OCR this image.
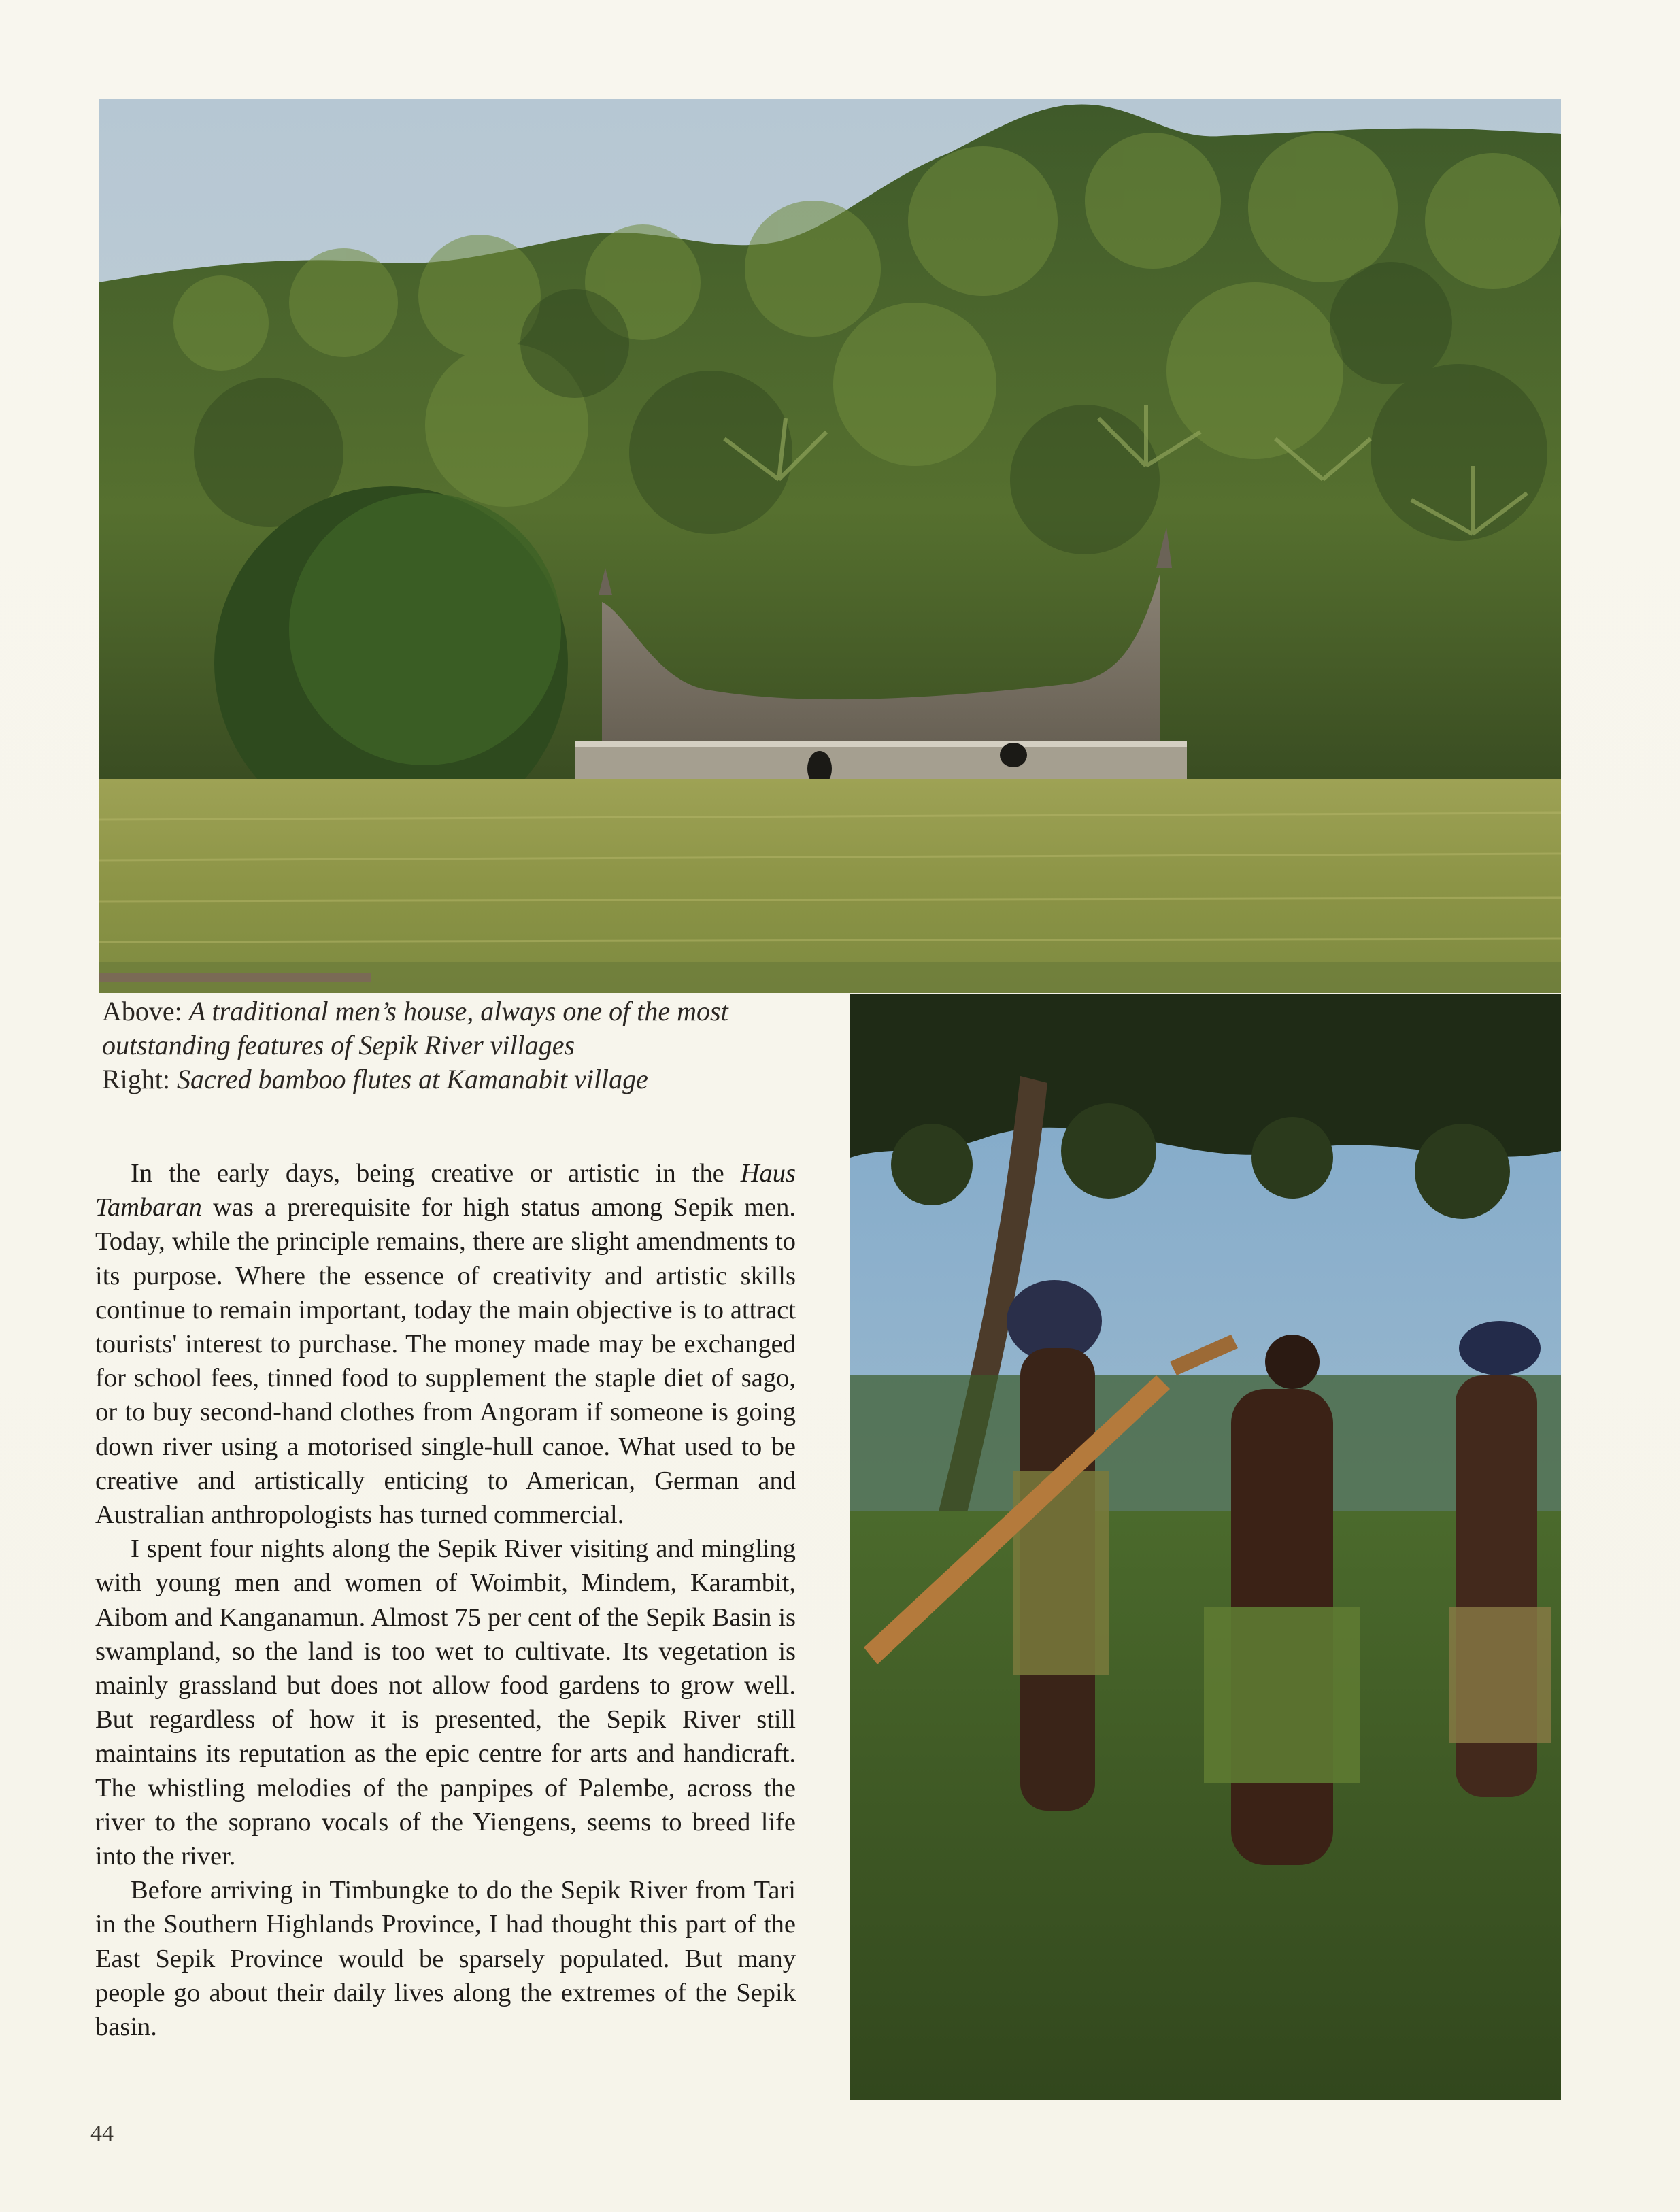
Above: A traditional men’s house, always one of the most
outstanding features of Sepik River villages
Right: Sacred bamboo flutes at Kamanabit village

In the early days, being creative or artistic in the Haus Tambaran was a prerequisite for high status among Sepik men. Today, while the principle remains, there are slight amendments to its purpose. Where the essence of creativity and artistic skills continue to remain important, today the main objective is to attract tourists' interest to purchase. The money made may be exchanged for school fees, tinned food to supplement the staple diet of sago, or to buy second-hand clothes from Angoram if someone is going down river using a motorised single-hull canoe. What used to be creative and artistically enticing to American, German and Australian anthropologists has turned commercial.

I spent four nights along the Sepik River visiting and mingling with young men and women of Woimbit, Mindem, Karambit, Aibom and Kanganamun. Almost 75 per cent of the Sepik Basin is swampland, so the land is too wet to cultivate. Its vegetation is mainly grassland but does not allow food gardens to grow well. But regardless of how it is presented, the Sepik River still maintains its reputation as the epic centre for arts and handicraft. The whistling melodies of the panpipes of Palembe, across the river to the soprano vocals of the Yiengens, seems to breed life into the river.

Before arriving in Timbungke to do the Sepik River from Tari in the Southern Highlands Province, I had thought this part of the East Sepik Province would be sparsely populated. But many people go about their daily lives along the extremes of the Sepik basin.

44
